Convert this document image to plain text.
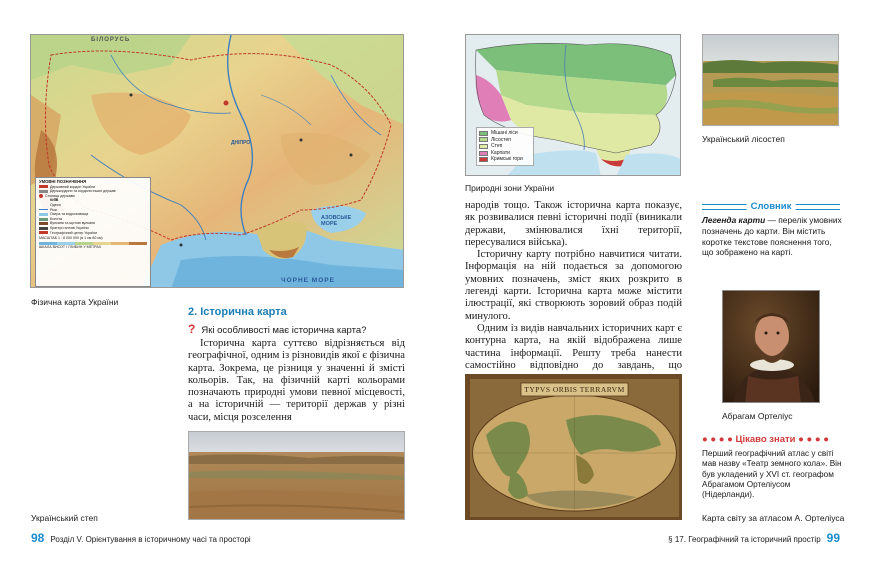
БІЛОРУСЬ
ДНІПРО
АЗОВСЬКЕ МОРЕ
ЧОРНЕ МОРЕ
УМОВНІ ПОЗНАЧЕННЯ
Державний кордон України
Держкордони та кордони інших держав
Столиця держави
КИЇВ
Одеса
Ріки
Озера та водосховища
Болота
Вулкани та щитові вулкани
Кратері гаптові України
Географічний центр України
МАСШТАБ 1 : 8 000 000 (в 1 см 80 км)
ШКАЛА ВИСОТ І ГЛИБИН У МЕТРАХ
Фізична карта України
2. Історична карта
? Які особливості має історична карта?

Історична карта суттєво відрізняється від географічної, одним із різновидів якої є фізична карта. Зокрема, це різниця у значенні й змісті кольорів. Так, на фізичній карті кольорами позначають природні умови певної місцевості, а на історичній — території держав у різні часи, місця розселення

Український степ
98 Розділ V. Орієнтування в історичному часі та просторі
Мішані ліси
Лісостеп
Степ
Карпати
Кримські гори
Природні зони України

народів тощо. Також історична карта показує, як розвивалися певні історичні події (виникали держави, змінювалися їхні території, пересувалися війська).

Історичну карту потрібно навчитися читати. Інформація на ній подається за допомогою умовних позначень, зміст яких розкрито в легенді карти. Історична карта може містити ілюстрації, які створюють зоровий образ подій минулого.

Одним із видів навчальних історичних карт є контурна карта, на якій відображена лише частина інформації. Решту треба нанести самостійно відповідно до завдань, що

TYPVS ORBIS TERRARVM
Український лісостеп
Словник
Легенда карти — перелік умовних позначень до карти. Він містить коротке текстове пояснення того, що зображено на карті.
Абрагам Ортеліус
● ● ● ● Цікаво знати ● ● ● ●
Перший географічний атлас у світі мав назву «Театр земного кола». Він був укладений у XVI ст. географом Абрагамом Ортеліусом (Нідерланди).
Карта світу за атласом А. Ортеліуса
§ 17. Географічний та історичний простір 99
